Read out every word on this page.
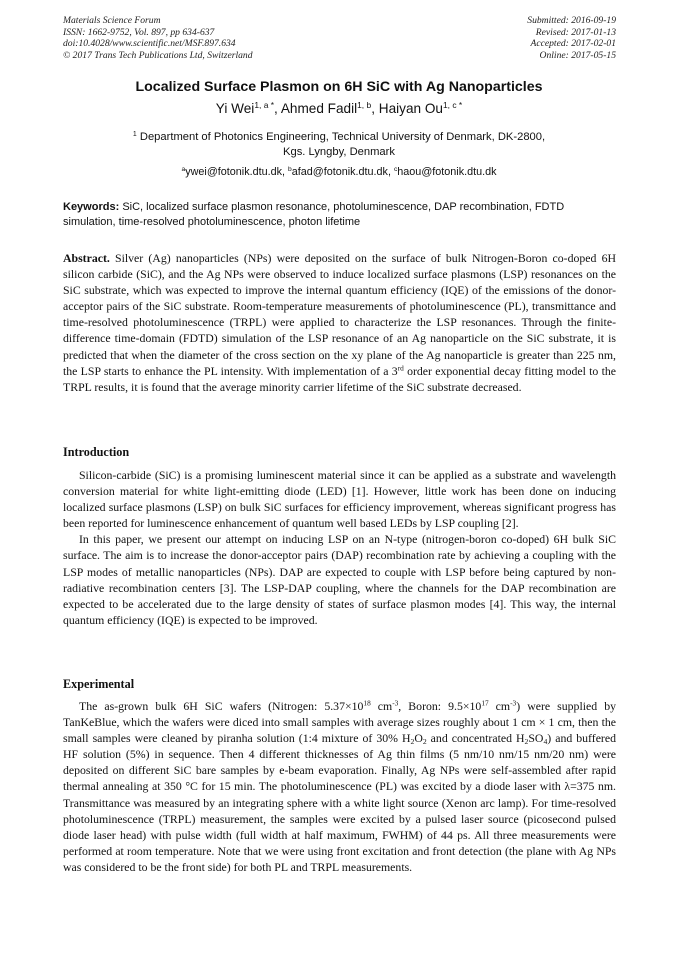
Materials Science Forum
ISSN: 1662-9752, Vol. 897, pp 634-637
doi:10.4028/www.scientific.net/MSF.897.634
© 2017 Trans Tech Publications Ltd, Switzerland
Submitted: 2016-09-19
Revised: 2017-01-13
Accepted: 2017-02-01
Online: 2017-05-15
Localized Surface Plasmon on 6H SiC with Ag Nanoparticles
Yi Wei$^{1, a *}$, Ahmed Fadil$^{1, b}$, Haiyan $Ou^{1, c *}$
$^1$ Department of Photonics Engineering, Technical University of Denmark, DK-2800,
Kgs. Lyngby, Denmark
$^a$ywei@fotonik.dtu.dk, $^b$afad@fotonik.dtu.dk, $^c$haou@fotonik.dtu.dk
Keywords: SiC, localized surface plasmon resonance, photoluminescence, DAP recombination, FDTD simulation, time-resolved photoluminescence, photon lifetime

Abstract. Silver (Ag) nanoparticles (NPs) were deposited on the surface of bulk Nitrogen-Boron co-doped 6H silicon carbide (SiC), and the Ag NPs were observed to induce localized surface plasmons (LSP) resonances on the SiC substrate, which was expected to improve the internal quantum efficiency (IQE) of the emissions of the donor-acceptor pairs of the SiC substrate. Room-temperature measurements of photoluminescence (PL), transmittance and time-resolved photoluminescence (TRPL) were applied to characterize the LSP resonances. Through the finite-difference time-domain (FDTD) simulation of the LSP resonance of an Ag nanoparticle on the SiC substrate, it is predicted that when the diameter of the cross section on the xy plane of the Ag nanoparticle is greater than 225 nm, the LSP starts to enhance the PL intensity. With implementation of a 3rd order exponential decay fitting model to the TRPL results, it is found that the average minority carrier lifetime of the SiC substrate decreased.

Introduction

Silicon-carbide (SiC) is a promising luminescent material since it can be applied as a substrate and wavelength conversion material for white light-emitting diode (LED) [1]. However, little work has been done on inducing localized surface plasmons (LSP) on bulk SiC surfaces for efficiency improvement, whereas significant progress has been reported for luminescence enhancement of quantum well based LEDs by LSP coupling [2].

In this paper, we present our attempt on inducing LSP on an N-type (nitrogen-boron co-doped) 6H bulk SiC surface. The aim is to increase the donor-acceptor pairs (DAP) recombination rate by achieving a coupling with the LSP modes of metallic nanoparticles (NPs). DAP are expected to couple with LSP before being captured by non-radiative recombination centers [3]. The LSP-DAP coupling, where the channels for the DAP recombination are expected to be accelerated due to the large density of states of surface plasmon modes [4]. This way, the internal quantum efficiency (IQE) is expected to be improved.

Experimental

The as-grown bulk 6H SiC wafers (Nitrogen: $5.37\times 10^{18}$ $cm^{-3}$, Boron: $9.5\times 10^{17}$ $cm^{-3}$) were supplied by TanKeBlue, which the wafers were diced into small samples with average sizes roughly about 1 cm × 1 cm, then the small samples were cleaned by piranha solution (1:4 mixture of 30% $H_2O_2$ and concentrated $H_2SO_4$) and buffered HF solution (5%) in sequence. Then 4 different thicknesses of Ag thin films (5 nm/10 nm/15 nm/20 nm) were deposited on different SiC bare samples by e-beam evaporation. Finally, Ag NPs were self-assembled after rapid thermal annealing at 350 °C for 15 min. The photoluminescence (PL) was excited by a diode laser with λ=375 nm. Transmittance was measured by an integrating sphere with a white light source (Xenon arc lamp). For time-resolved photoluminescence (TRPL) measurement, the samples were excited by a pulsed laser source (picosecond pulsed diode laser head) with pulse width (full width at half maximum, FWHM) of 44 ps. All three measurements were performed at room temperature. Note that we were using front excitation and front detection (the plane with Ag NPs was considered to be the front side) for both PL and TRPL measurements.
